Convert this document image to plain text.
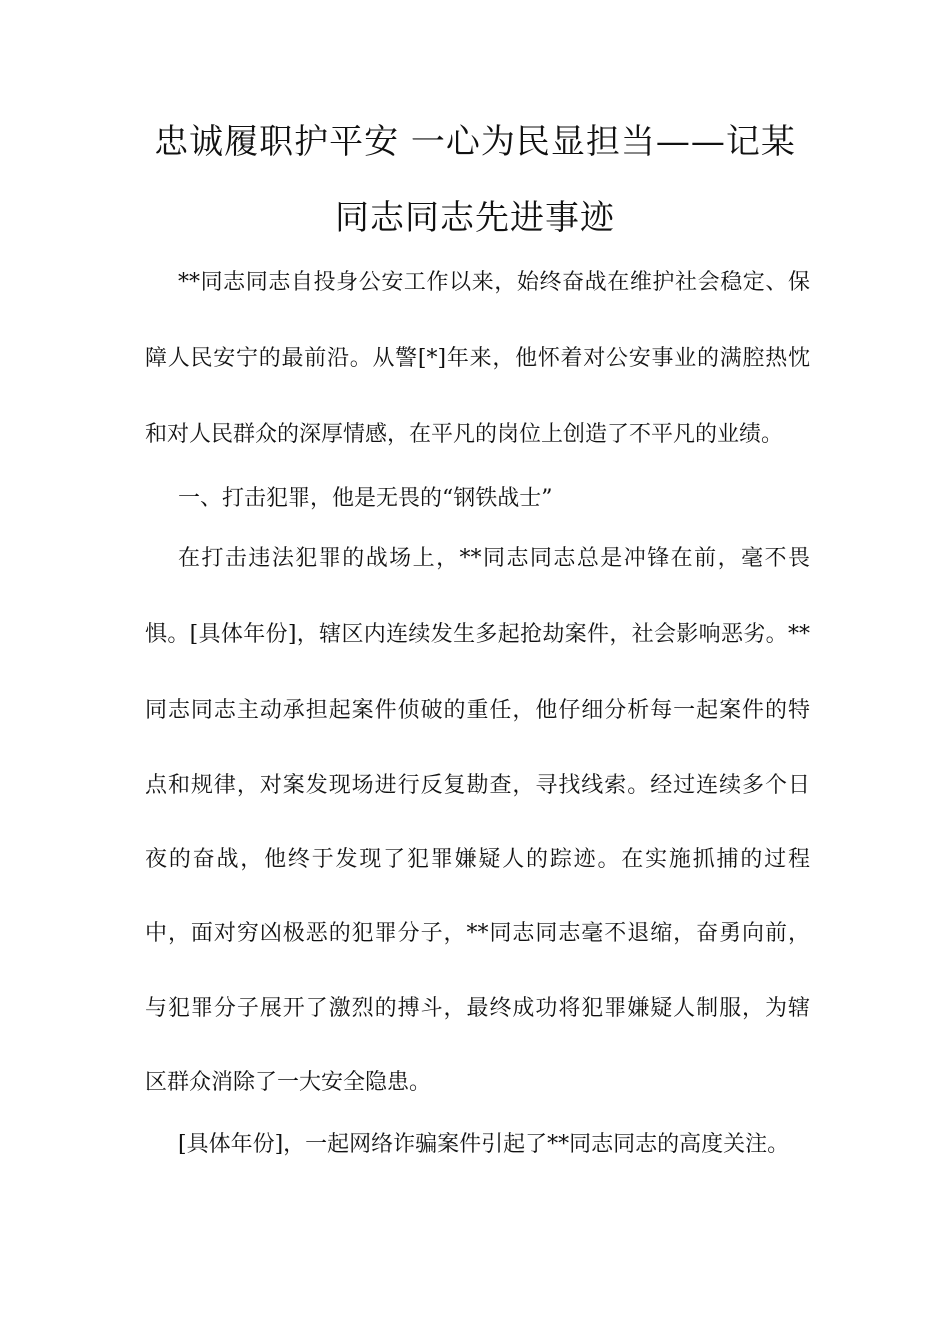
忠诚履职护平安 一心为民显担当——记某
同志同志先进事迹
**同志同志自投身公安工作以来，始终奋战在维护社会稳定、保
障人民安宁的最前沿。从警[*]年来，他怀着对公安事业的满腔热忱
和对人民群众的深厚情感，在平凡的岗位上创造了不平凡的业绩。
一、打击犯罪，他是无畏的“钢铁战士”
在打击违法犯罪的战场上，**同志同志总是冲锋在前，毫不畏
惧。[具体年份]，辖区内连续发生多起抢劫案件，社会影响恶劣。**
同志同志主动承担起案件侦破的重任，他仔细分析每一起案件的特
点和规律，对案发现场进行反复勘查，寻找线索。经过连续多个日
夜的奋战，他终于发现了犯罪嫌疑人的踪迹。在实施抓捕的过程
中，面对穷凶极恶的犯罪分子，**同志同志毫不退缩，奋勇向前，
与犯罪分子展开了激烈的搏斗，最终成功将犯罪嫌疑人制服，为辖
区群众消除了一大安全隐患。
[具体年份]，一起网络诈骗案件引起了**同志同志的高度关注。
